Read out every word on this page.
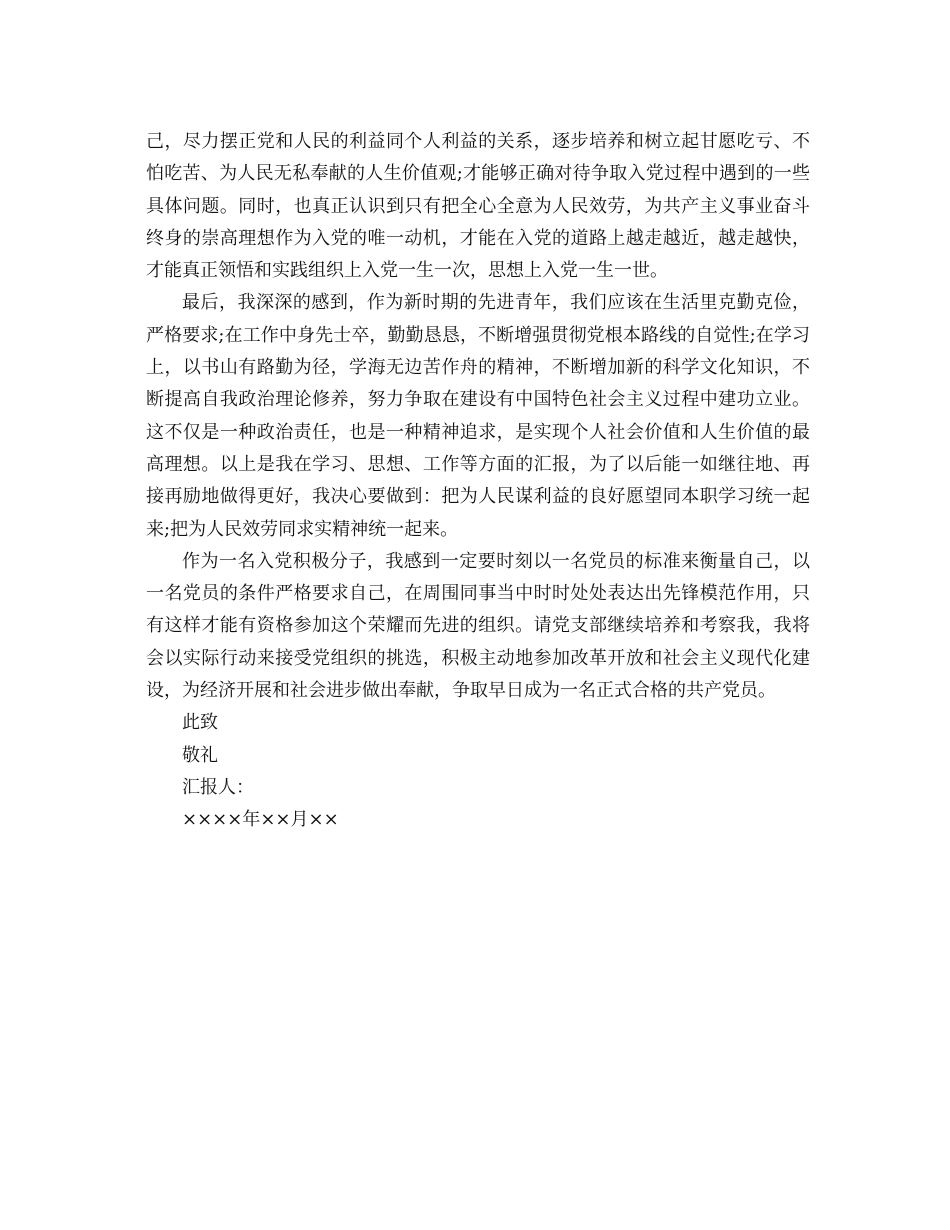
己，尽力摆正党和人民的利益同个人利益的关系，逐步培养和树立起甘愿吃亏、不怕吃苦、为人民无私奉献的人生价值观;才能够正确对待争取入党过程中遇到的一些具体问题。同时，也真正认识到只有把全心全意为人民效劳，为共产主义事业奋斗终身的崇高理想作为入党的唯一动机，才能在入党的道路上越走越近，越走越快，才能真正领悟和实践组织上入党一生一次，思想上入党一生一世。

最后，我深深的感到，作为新时期的先进青年，我们应该在生活里克勤克俭，严格要求;在工作中身先士卒，勤勤恳恳，不断增强贯彻党根本路线的自觉性;在学习上，以书山有路勤为径，学海无边苦作舟的精神，不断增加新的科学文化知识，不断提高自我政治理论修养，努力争取在建设有中国特色社会主义过程中建功立业。这不仅是一种政治责任，也是一种精神追求，是实现个人社会价值和人生价值的最高理想。以上是我在学习、思想、工作等方面的汇报，为了以后能一如继往地、再接再励地做得更好，我决心要做到：把为人民谋利益的良好愿望同本职学习统一起来;把为人民效劳同求实精神统一起来。

作为一名入党积极分子，我感到一定要时刻以一名党员的标准来衡量自己，以一名党员的条件严格要求自己，在周围同事当中时时处处表达出先锋模范作用，只有这样才能有资格参加这个荣耀而先进的组织。请党支部继续培养和考察我，我将会以实际行动来接受党组织的挑选，积极主动地参加改革开放和社会主义现代化建设，为经济开展和社会进步做出奉献，争取早日成为一名正式合格的共产党员。

此致

敬礼

汇报人：

××××年××月××
